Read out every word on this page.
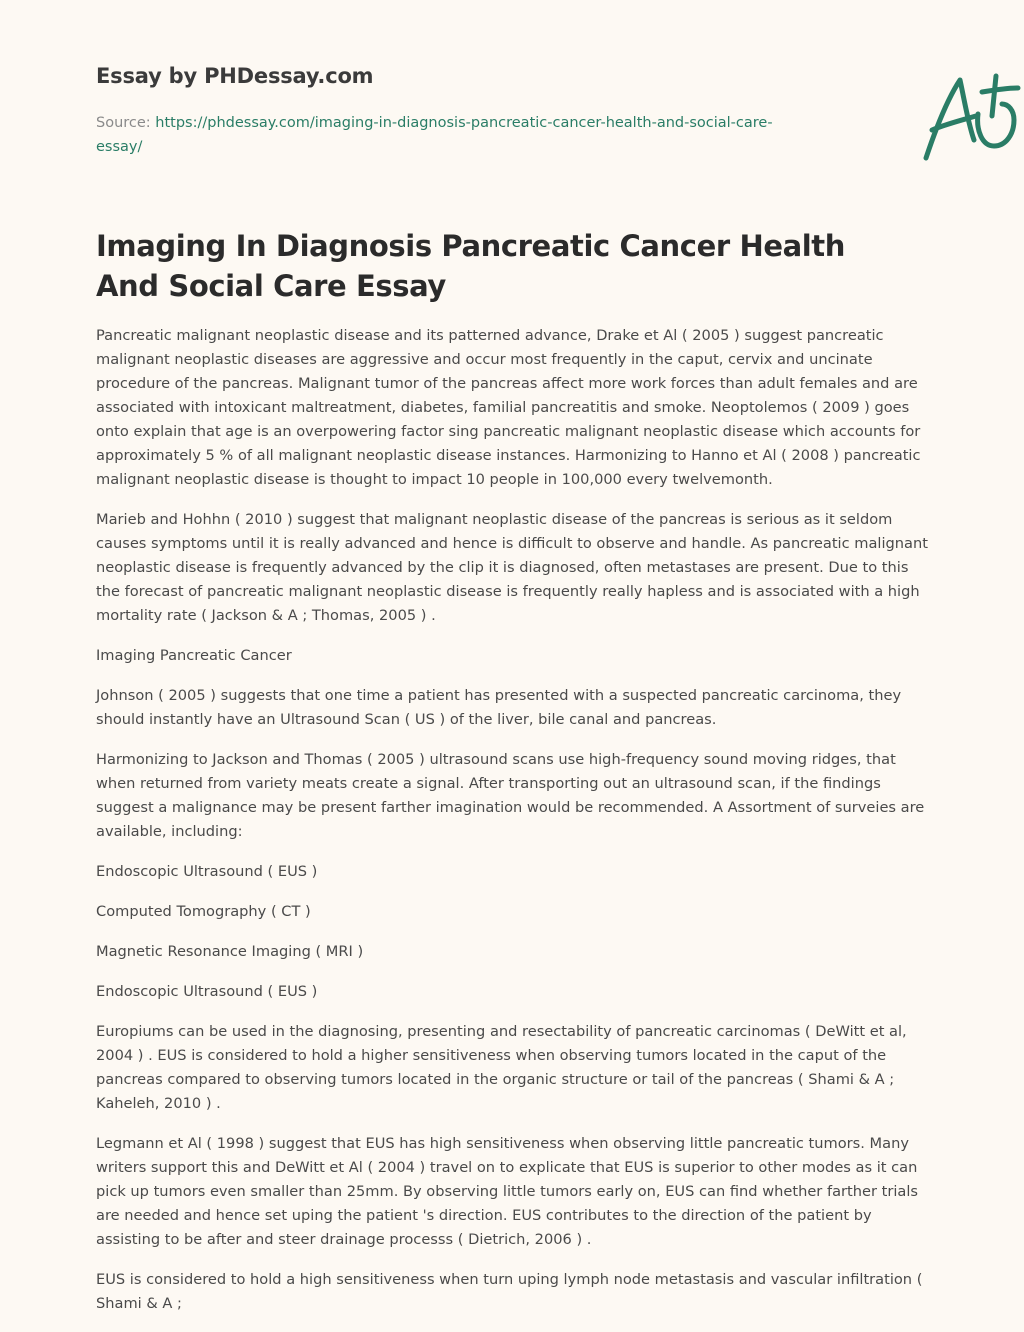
Essay by PHDessay.com

Source: https://phdessay.com/imaging-in-diagnosis-pancreatic-cancer-health-and-social-care-essay/

Imaging In Diagnosis Pancreatic Cancer Health And Social Care Essay

Pancreatic malignant neoplastic disease and its patterned advance, Drake et Al ( 2005 ) suggest pancreatic malignant neoplastic diseases are aggressive and occur most frequently in the caput, cervix and uncinate procedure of the pancreas. Malignant tumor of the pancreas affect more work forces than adult females and are associated with intoxicant maltreatment, diabetes, familial pancreatitis and smoke. Neoptolemos ( 2009 ) goes onto explain that age is an overpowering factor sing pancreatic malignant neoplastic disease which accounts for approximately 5 % of all malignant neoplastic disease instances. Harmonizing to Hanno et Al ( 2008 ) pancreatic malignant neoplastic disease is thought to impact 10 people in 100,000 every twelvemonth.

Marieb and Hohhn ( 2010 ) suggest that malignant neoplastic disease of the pancreas is serious as it seldom causes symptoms until it is really advanced and hence is difficult to observe and handle. As pancreatic malignant neoplastic disease is frequently advanced by the clip it is diagnosed, often metastases are present. Due to this the forecast of pancreatic malignant neoplastic disease is frequently really hapless and is associated with a high mortality rate ( Jackson & A ; Thomas, 2005 ) .

Imaging Pancreatic Cancer

Johnson ( 2005 ) suggests that one time a patient has presented with a suspected pancreatic carcinoma, they should instantly have an Ultrasound Scan ( US ) of the liver, bile canal and pancreas.

Harmonizing to Jackson and Thomas ( 2005 ) ultrasound scans use high-frequency sound moving ridges, that when returned from variety meats create a signal. After transporting out an ultrasound scan, if the findings suggest a malignance may be present farther imagination would be recommended. A Assortment of surveies are available, including:

Endoscopic Ultrasound ( EUS )

Computed Tomography ( CT )

Magnetic Resonance Imaging ( MRI )

Endoscopic Ultrasound ( EUS )

Europiums can be used in the diagnosing, presenting and resectability of pancreatic carcinomas ( DeWitt et al, 2004 ) . EUS is considered to hold a higher sensitiveness when observing tumors located in the caput of the pancreas compared to observing tumors located in the organic structure or tail of the pancreas ( Shami & A ; Kaheleh, 2010 ) .

Legmann et Al ( 1998 ) suggest that EUS has high sensitiveness when observing little pancreatic tumors. Many writers support this and DeWitt et Al ( 2004 ) travel on to explicate that EUS is superior to other modes as it can pick up tumors even smaller than 25mm. By observing little tumors early on, EUS can find whether farther trials are needed and hence set uping the patient 's direction. EUS contributes to the direction of the patient by assisting to be after and steer drainage processs ( Dietrich, 2006 ) .

EUS is considered to hold a high sensitiveness when turn uping lymph node metastasis and vascular infiltration ( Shami & A ;
